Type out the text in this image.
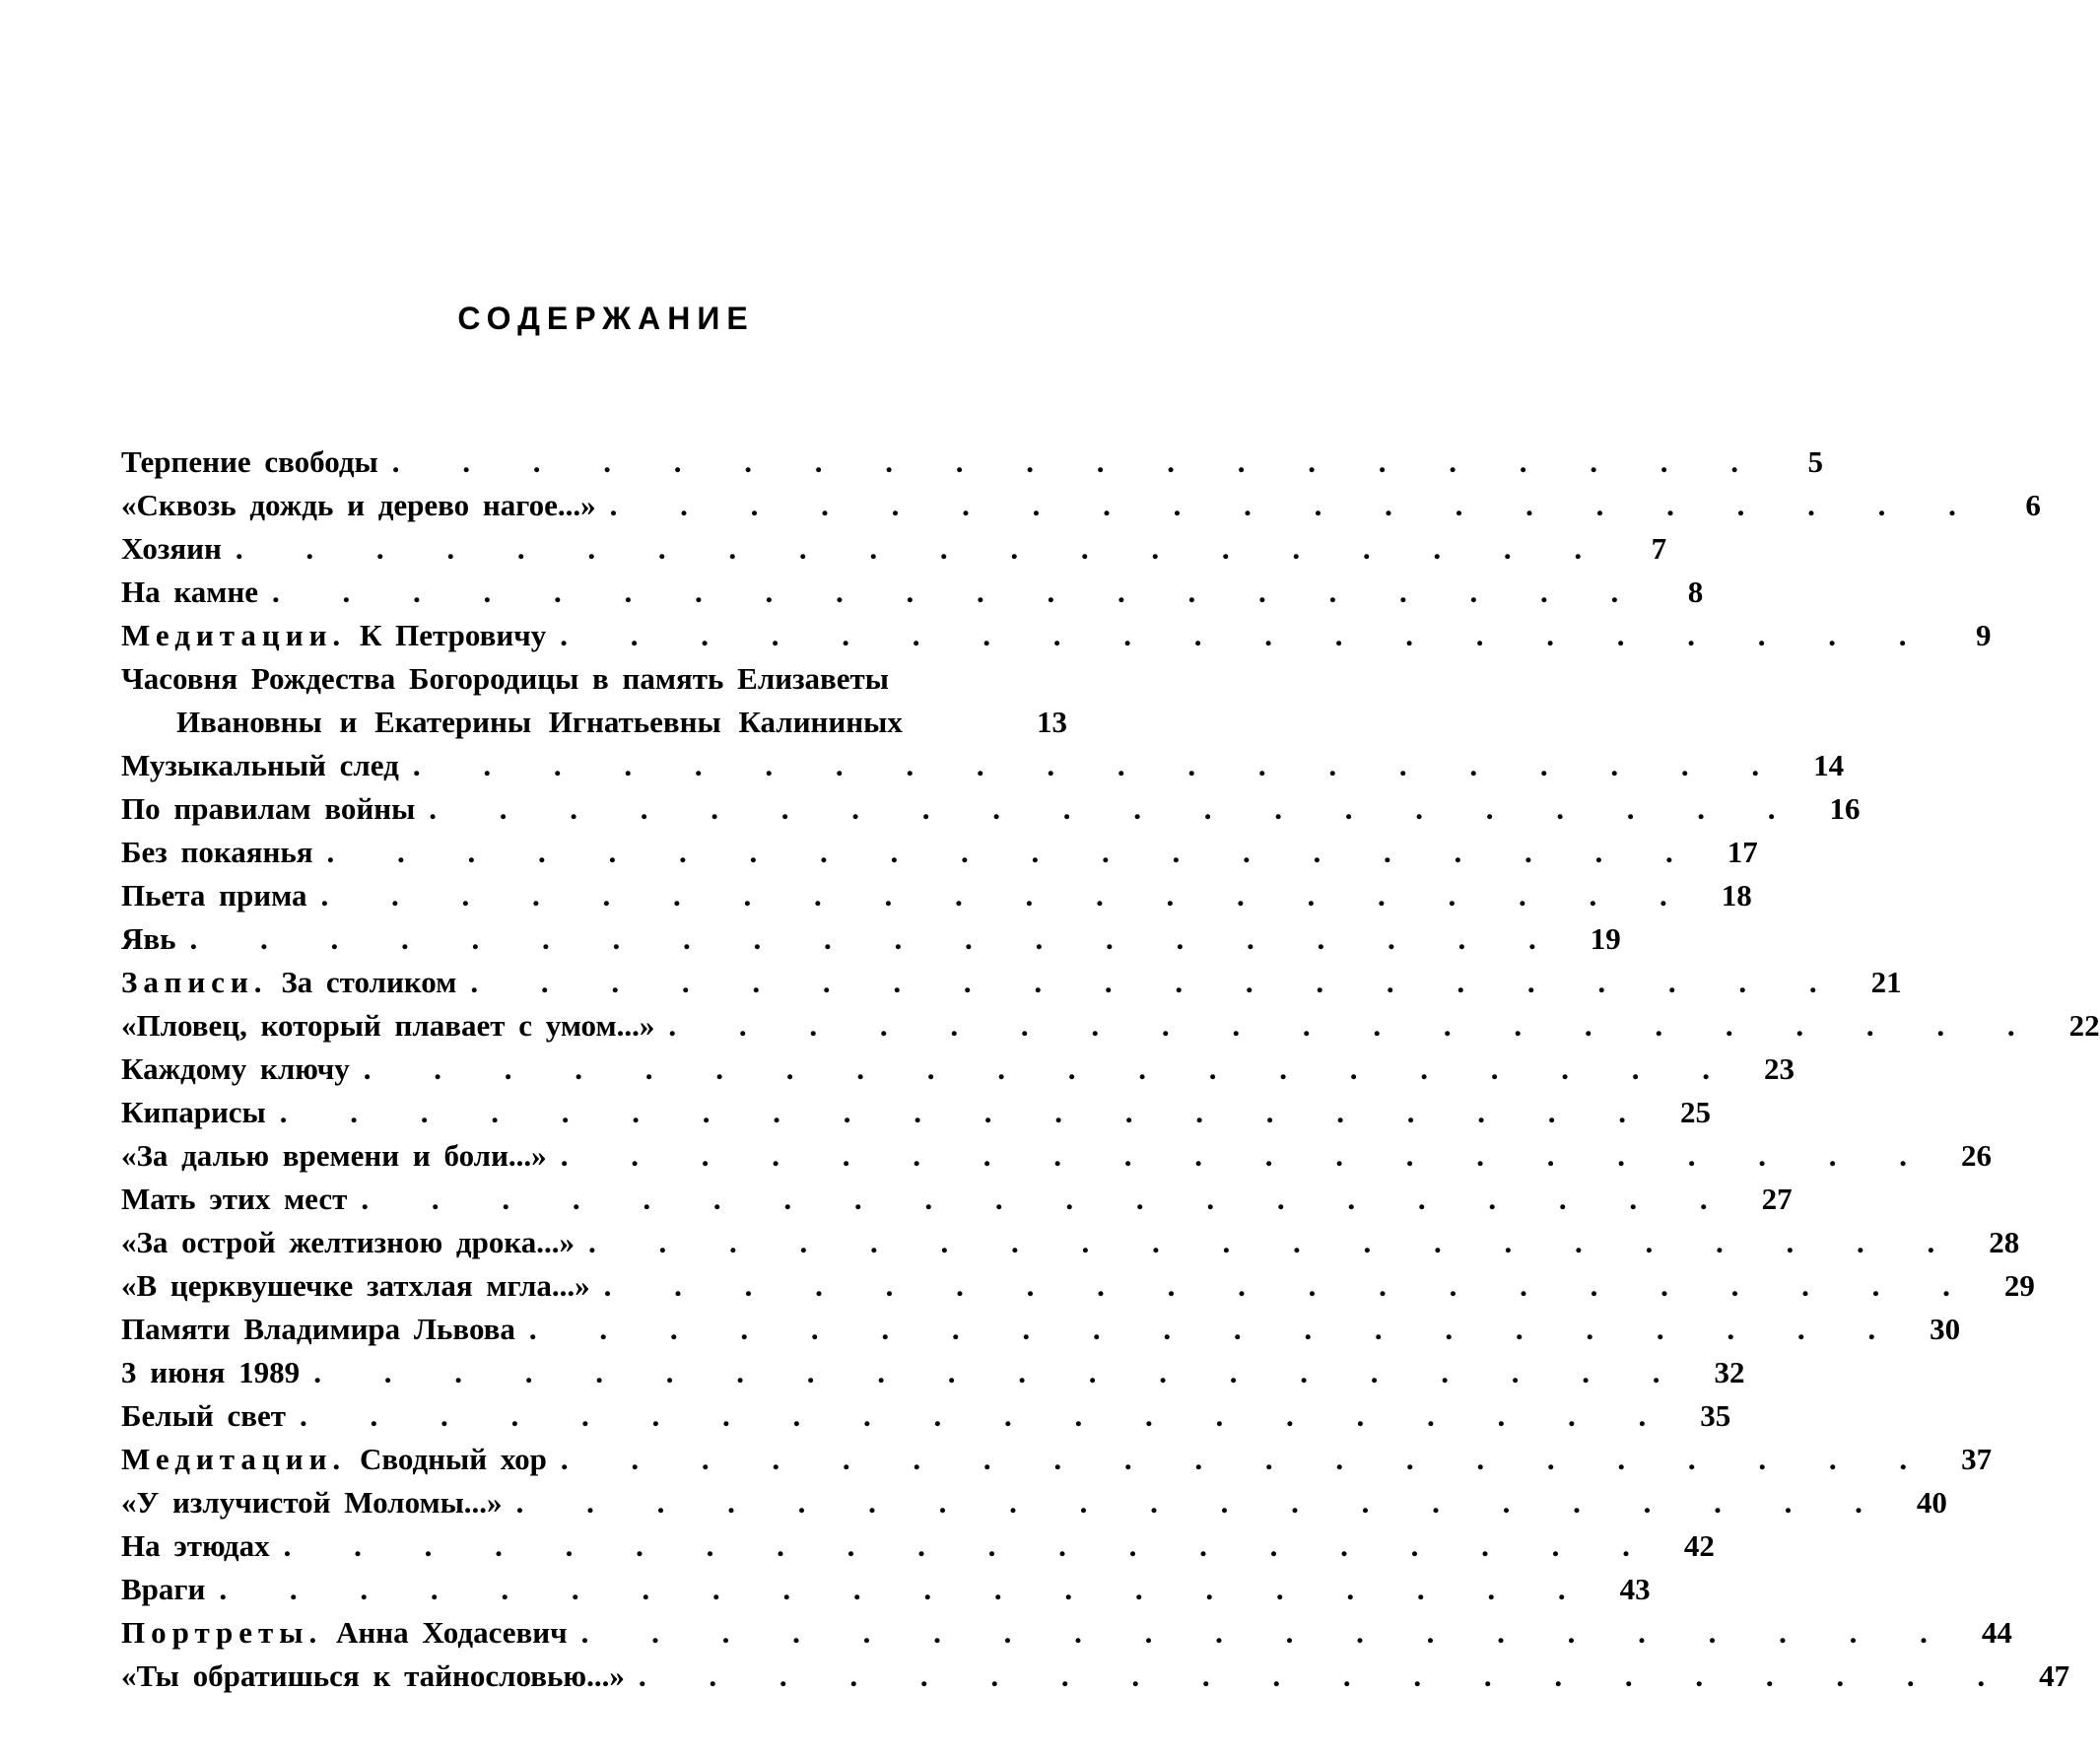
СОДЕРЖАНИЕ
Терпение свободы . . . . . . . . . . . . . . . . . . . .	5
«Сквозь дождь и дерево нагое...» . . . . . . . . . . . . . . . . . . . .	6
Хозяин . . . . . . . . . . . . . . . . . . . .	7
На камне . . . . . . . . . . . . . . . . . . . .	8
Медитации. К Петровичу . . . . . . . . . . . . . . . . . . . .	9
Часовня Рождества Богородицы в память Елизаветы
Ивановны и Екатерины Игнатьевны Калининых	13
Музыкальный след . . . . . . . . . . . . . . . . . . . . 14
По правилам войны . . . . . . . . . . . . . . . . . . . . 16
Без покаянья . . . . . . . . . . . . . . . . . . . . 17
Пьета прима . . . . . . . . . . . . . . . . . . . . 18
Явь . . . . . . . . . . . . . . . . . . . . 19
Записи. За столиком . . . . . . . . . . . . . . . . . . . . 21
«Пловец, который плавает с умом...» . . . . . . . . . . . . . . . . . . . . 22
Каждому ключу . . . . . . . . . . . . . . . . . . . . 23
Кипарисы . . . . . . . . . . . . . . . . . . . . 25
«За далью времени и боли...» . . . . . . . . . . . . . . . . . . . . 26
Мать этих мест . . . . . . . . . . . . . . . . . . . . 27
«За острой желтизною дрока...» . . . . . . . . . . . . . . . . . . . . 28
«В церквушечке затхлая мгла...» . . . . . . . . . . . . . . . . . . . . 29
Памяти Владимира Львова . . . . . . . . . . . . . . . . . . . . 30
3 июня 1989 . . . . . . . . . . . . . . . . . . . . 32
Белый свет . . . . . . . . . . . . . . . . . . . . 35
Медитации. Сводный хор . . . . . . . . . . . . . . . . . . . . 37
«У излучистой Моломы...» . . . . . . . . . . . . . . . . . . . . 40
На этюдах . . . . . . . . . . . . . . . . . . . . 42
Враги . . . . . . . . . . . . . . . . . . . . 43
Портреты. Анна Ходасевич . . . . . . . . . . . . . . . . . . . . 44
«Ты обратишься к тайнословью...» . . . . . . . . . . . . . . . . . . . . 47
